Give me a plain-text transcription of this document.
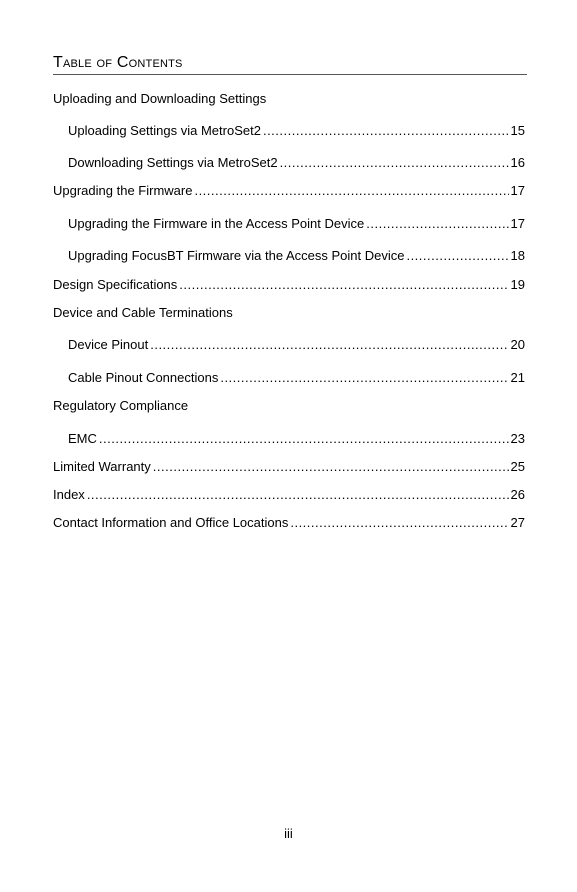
Table of Contents
Uploading and Downloading Settings
Uploading Settings via MetroSet2 .....	15
Downloading Settings via MetroSet2 .....	16
Upgrading the Firmware .....	17
Upgrading the Firmware in the Access Point Device .....	17
Upgrading FocusBT Firmware via the Access Point Device .....	18
Design Specifications .....	19
Device and Cable Terminations
Device Pinout .....	20
Cable Pinout Connections .....	21
Regulatory Compliance
EMC .....	23
Limited Warranty .....	25
Index .....	26
Contact Information and Office Locations .....	27
iii
